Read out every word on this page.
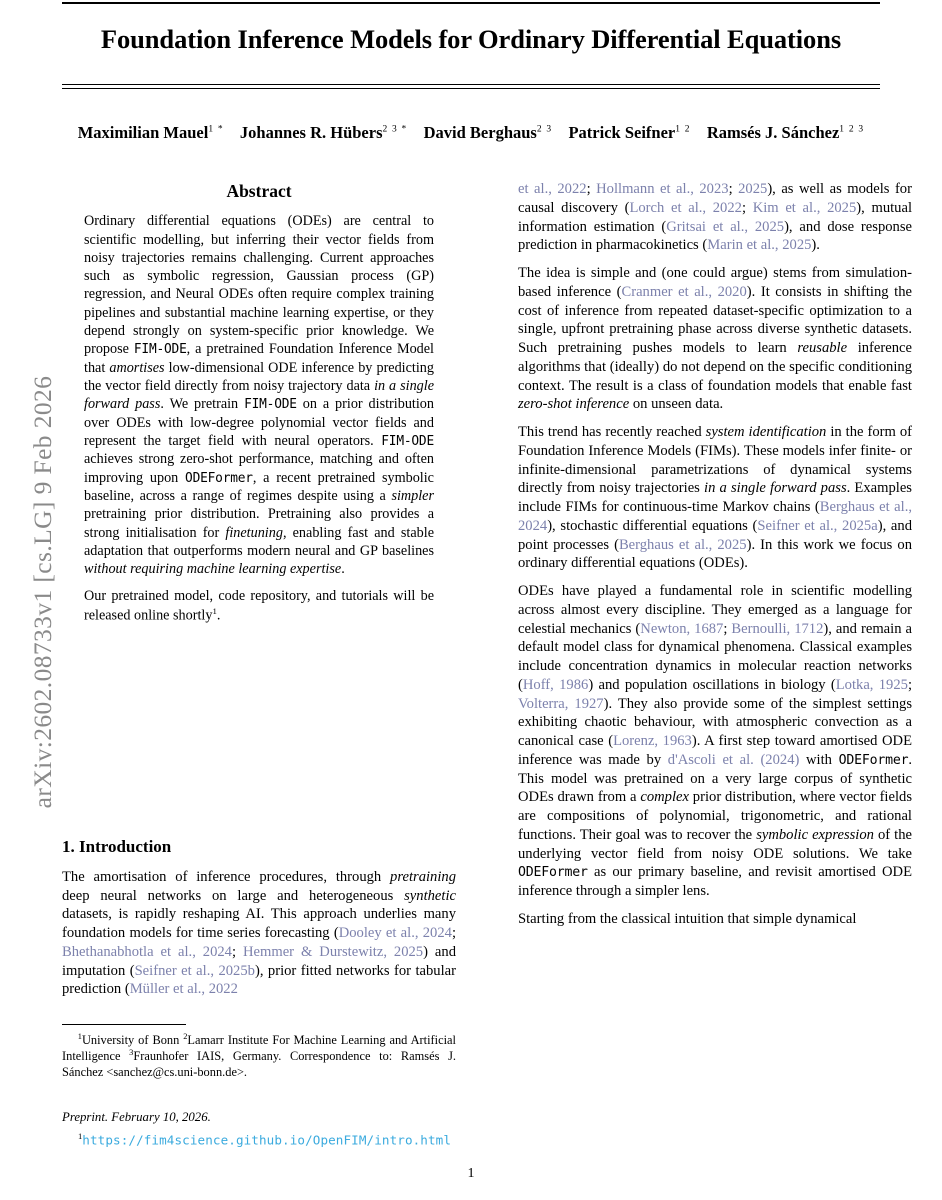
arXiv:2602.08733v1 [cs.LG] 9 Feb 2026
Foundation Inference Models for Ordinary Differential Equations
Maximilian Mauel$^{1 *}$ Johannes R. Hübers$^{2 3 *}$ David Berghaus$^{2 3}$ Patrick Seifner$^{1 2}$ Ramsés J. Sánchez$^{1 2 3}$
Abstract

Ordinary differential equations (ODEs) are central to scientific modelling, but inferring their vector fields from noisy trajectories remains challenging. Current approaches such as symbolic regression, Gaussian process (GP) regression, and Neural ODEs often require complex training pipelines and substantial machine learning expertise, or they depend strongly on system-specific prior knowledge. We propose FIM-ODE, a pretrained Foundation Inference Model that amortises low-dimensional ODE inference by predicting the vector field directly from noisy trajectory data in a single forward pass. We pretrain FIM-ODE on a prior distribution over ODEs with low-degree polynomial vector fields and represent the target field with neural operators. FIM-ODE achieves strong zero-shot performance, matching and often improving upon ODEFormer, a recent pretrained symbolic baseline, across a range of regimes despite using a simpler pretraining prior distribution. Pretraining also provides a strong initialisation for finetuning, enabling fast and stable adaptation that outperforms modern neural and GP baselines without requiring machine learning expertise.

Our pretrained model, code repository, and tutorials will be released online shortly$^1$.

1. Introduction

The amortisation of inference procedures, through pretraining deep neural networks on large and heterogeneous synthetic datasets, is rapidly reshaping AI. This approach underlies many foundation models for time series forecasting (Dooley et al., 2024; Bhethanabhotla et al., 2024; Hemmer & Durstewitz, 2025) and imputation (Seifner et al., 2025b), prior fitted networks for tabular prediction (Müller et al., 2022

$^1$University of Bonn $^2$Lamarr Institute For Machine Learning and Artificial Intelligence $^3$Fraunhofer IAIS, Germany. Correspondence to: Ramsés J. Sánchez <sanchez@cs.uni-bonn.de>.

Preprint. February 10, 2026.
$^1$https://fim4science.github.io/OpenFIM/intro.html

et al., 2022; Hollmann et al., 2023; 2025), as well as models for causal discovery (Lorch et al., 2022; Kim et al., 2025), mutual information estimation (Gritsai et al., 2025), and dose response prediction in pharmacokinetics (Marin et al., 2025).

The idea is simple and (one could argue) stems from simulation-based inference (Cranmer et al., 2020). It consists in shifting the cost of inference from repeated dataset-specific optimization to a single, upfront pretraining phase across diverse synthetic datasets. Such pretraining pushes models to learn reusable inference algorithms that (ideally) do not depend on the specific conditioning context. The result is a class of foundation models that enable fast zero-shot inference on unseen data.

This trend has recently reached system identification in the form of Foundation Inference Models (FIMs). These models infer finite- or infinite-dimensional parametrizations of dynamical systems directly from noisy trajectories in a single forward pass. Examples include FIMs for continuous-time Markov chains (Berghaus et al., 2024), stochastic differential equations (Seifner et al., 2025a), and point processes (Berghaus et al., 2025). In this work we focus on ordinary differential equations (ODEs).

ODEs have played a fundamental role in scientific modelling across almost every discipline. They emerged as a language for celestial mechanics (Newton, 1687; Bernoulli, 1712), and remain a default model class for dynamical phenomena. Classical examples include concentration dynamics in molecular reaction networks (Hoff, 1986) and population oscillations in biology (Lotka, 1925; Volterra, 1927). They also provide some of the simplest settings exhibiting chaotic behaviour, with atmospheric convection as a canonical case (Lorenz, 1963). A first step toward amortised ODE inference was made by d'Ascoli et al. (2024) with ODEFormer. This model was pretrained on a very large corpus of synthetic ODEs drawn from a complex prior distribution, where vector fields are compositions of polynomial, trigonometric, and rational functions. Their goal was to recover the symbolic expression of the underlying vector field from noisy ODE solutions. We take ODEFormer as our primary baseline, and revisit amortised ODE inference through a simpler lens.

Starting from the classical intuition that simple dynamical

1
